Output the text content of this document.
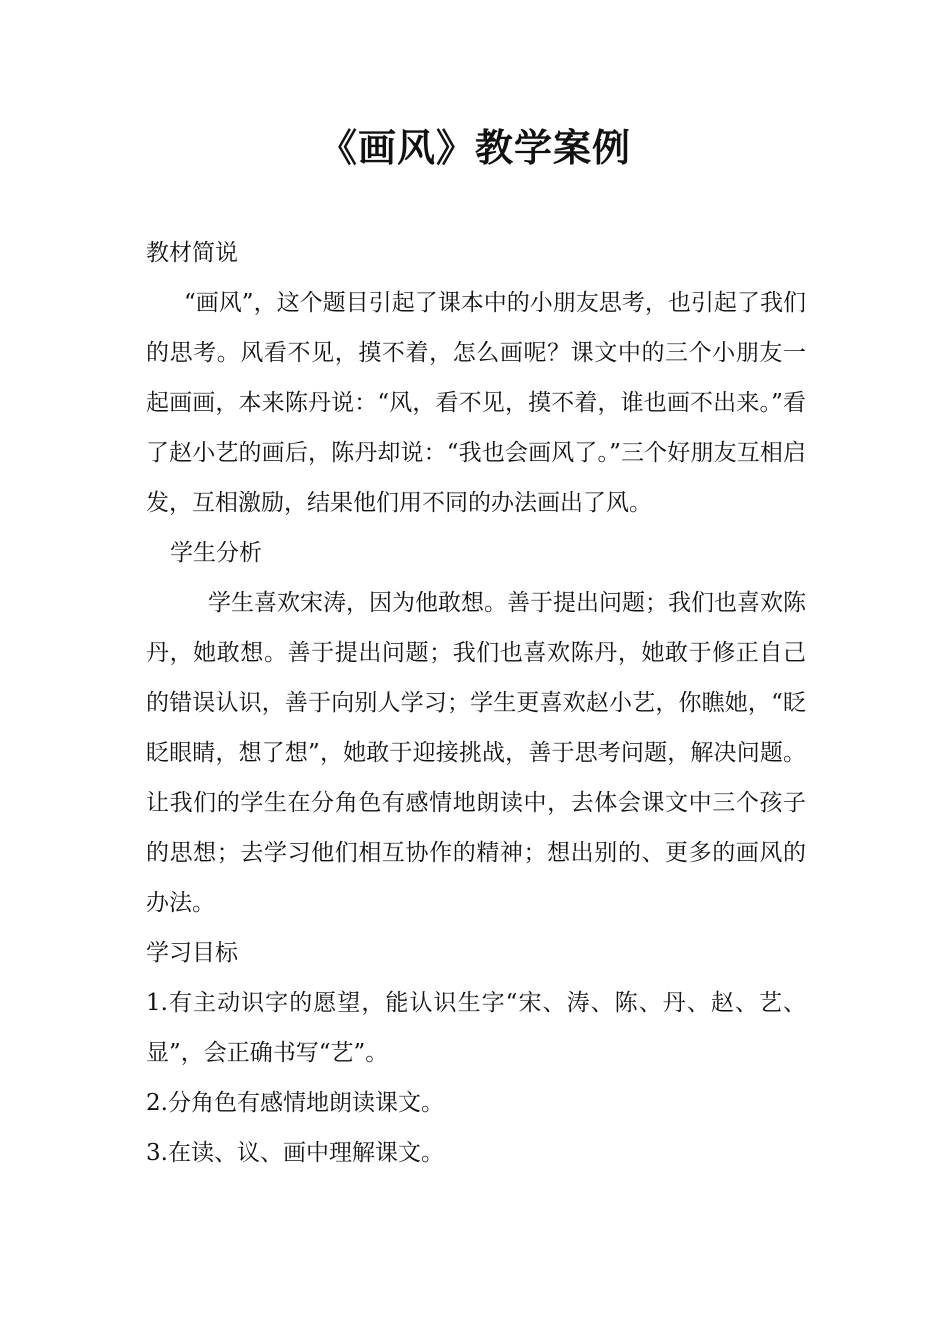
《画风》教学案例

教材简说

“画风”，这个题目引起了课本中的小朋友思考，也引起了我们的思考。风看不见，摸不着，怎么画呢？课文中的三个小朋友一起画画，本来陈丹说：“风，看不见，摸不着，谁也画不出来。”看了赵小艺的画后，陈丹却说：“我也会画风了。”三个好朋友互相启发，互相激励，结果他们用不同的办法画出了风。

学生分析

学生喜欢宋涛，因为他敢想。善于提出问题；我们也喜欢陈丹，她敢想。善于提出问题；我们也喜欢陈丹，她敢于修正自己的错误认识，善于向别人学习；学生更喜欢赵小艺，你瞧她，“眨眨眼睛，想了想”，她敢于迎接挑战，善于思考问题，解决问题。让我们的学生在分角色有感情地朗读中，去体会课文中三个孩子的思想；去学习他们相互协作的精神；想出别的、更多的画风的办法。

学习目标

1.有主动识字的愿望，能认识生字“宋、涛、陈、丹、赵、艺、显”，会正确书写“艺”。

2.分角色有感情地朗读课文。

3.在读、议、画中理解课文。
